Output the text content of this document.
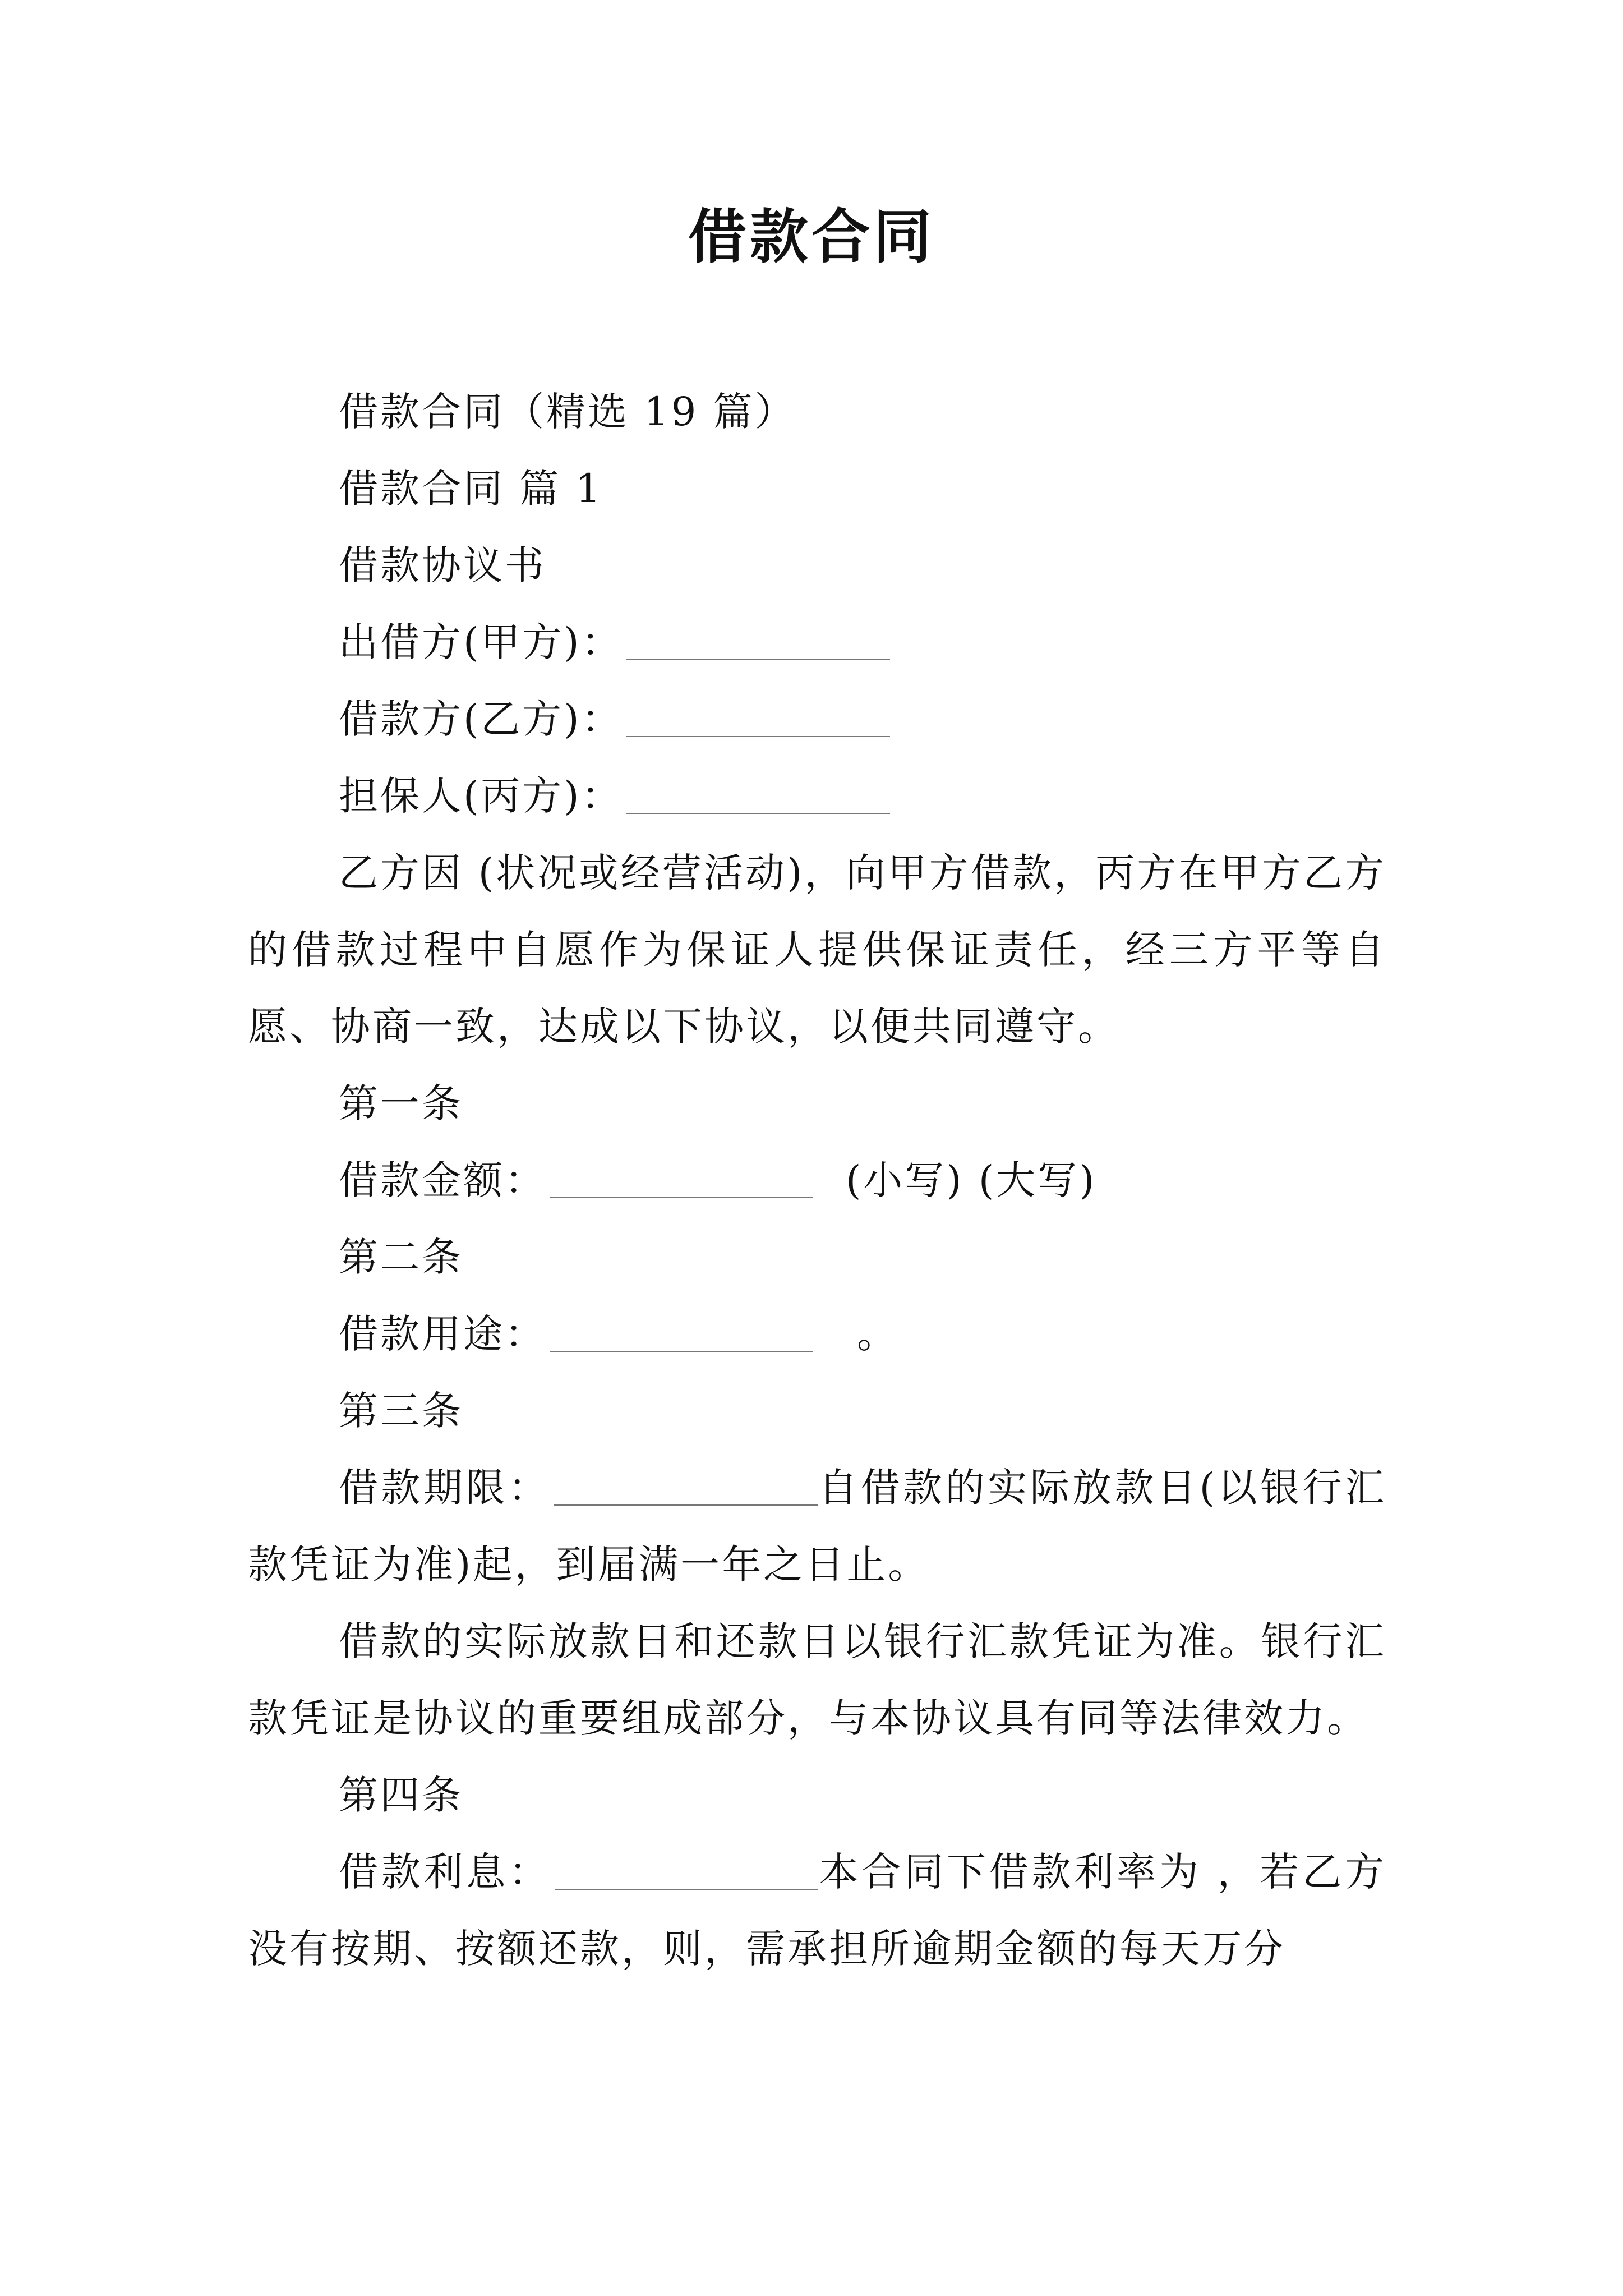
借款合同

借款合同（精选 19 篇）

借款合同 篇 1

借款协议书

出借方(甲方)：

借款方(乙方)：

担保人(丙方)：

乙方因 (状况或经营活动)，向甲方借款，丙方在甲方乙方的借款过程中自愿作为保证人提供保证责任，经三方平等自愿、协商一致，达成以下协议，以便共同遵守。

第一条

借款金额：	(小写) (大写)

第二条

借款用途：	。

第三条

借款期限：	自借款的实际放款日(以银行汇款凭证为准)起，到届满一年之日止。

借款的实际放款日和还款日以银行汇款凭证为准。银行汇款凭证是协议的重要组成部分，与本协议具有同等法律效力。

第四条

借款利息：	本合同下借款利率为 ，若乙方没有按期、按额还款，则，需承担所逾期金额的每天万分
